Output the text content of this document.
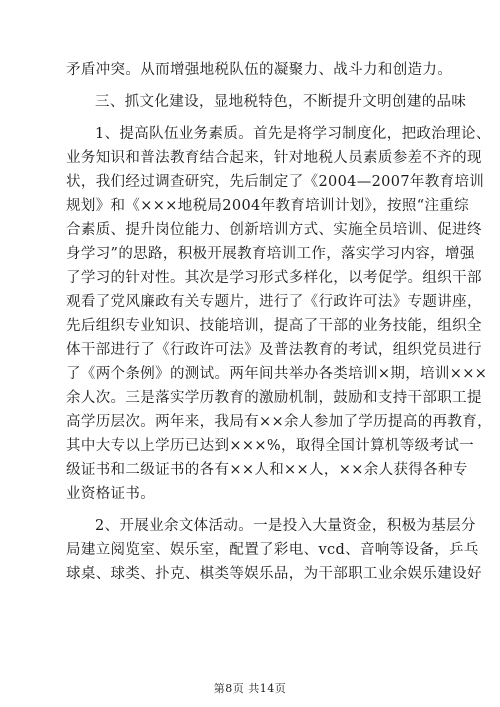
矛盾冲突。从而增强地税队伍的凝聚力、战斗力和创造力。
三、抓文化建设，显地税特色，不断提升文明创建的品味
1、提高队伍业务素质。首先是将学习制度化，把政治理论、
业务知识和普法教育结合起来，针对地税人员素质参差不齐的现
状，我们经过调查研究，先后制定了《2004—2007年教育培训
规划》和《×××地税局2004年教育培训计划》，按照“注重综
合素质、提升岗位能力、创新培训方式、实施全员培训、促进终
身学习”的思路，积极开展教育培训工作，落实学习内容，增强
了学习的针对性。其次是学习形式多样化，以考促学。组织干部
观看了党风廉政有关专题片，进行了《行政许可法》专题讲座，
先后组织专业知识、技能培训，提高了干部的业务技能，组织全
体干部进行了《行政许可法》及普法教育的考试，组织党员进行
了《两个条例》的测试。两年间共举办各类培训×期，培训×××
余人次。三是落实学历教育的激励机制，鼓励和支持干部职工提
高学历层次。两年来，我局有××余人参加了学历提高的再教育，
其中大专以上学历已达到×××%，取得全国计算机等级考试一
级证书和二级证书的各有××人和××人，××余人获得各种专
业资格证书。
2、开展业余文体活动。一是投入大量资金，积极为基层分
局建立阅览室、娱乐室，配置了彩电、vcd、音响等设备，乒乓
球桌、球类、扑克、棋类等娱乐品，为干部职工业余娱乐建设好
第8页 共14页
